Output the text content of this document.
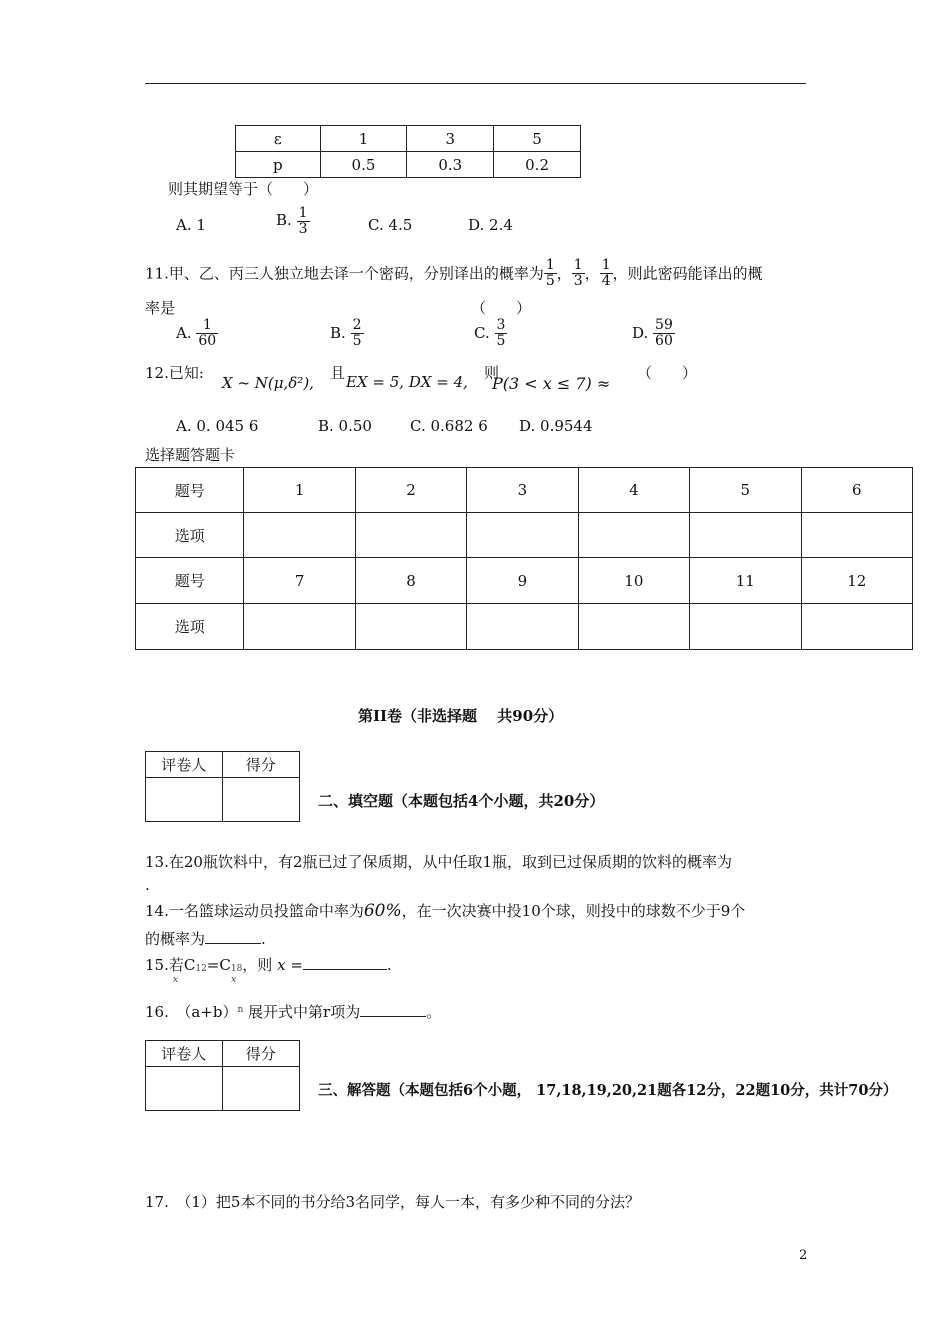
ε	1	3	5
p	0.5	0.3	0.2
则其期望等于（　　）
A. 1	B. $\frac{1}{3}$	C. 4.5	D. 2.4
11.甲、乙、丙三人独立地去译一个密码，分别译出的概率为 $\frac{1}{5}$ ， $\frac{1}{3}$ ， $\frac{1}{4}$ ，则此密码能译出的概
率是	（　　）
A. $\frac{1}{60}$	B. $\frac{2}{5}$	C. $\frac{3}{5}$	D. $\frac{59}{60}$
12.已知:
X ~ N(μ,δ²),
且 EX = 5, DX = 4, 则
P(3 < x ≤ 7) ≈
（　　）
A. 0. 045 6	B. 0.50	C. 0.682 6 D. 0.9544
选择题答题卡
题号	1	2	3	4	5	6
选项						
题号	7	8	9	10	11	12
选项						
第II卷（非选择题　 共90分）
评卷人	得分

二、填空题（本题包括4个小题，共20分）
13.在20瓶饮料中，有2瓶已过了保质期，从中任取1瓶，取到已过保质期的饮料的概率为
.
14.一名篮球运动员投篮命中率为60%，在一次决赛中投10个球，则投中的球数不少于9个
的概率为	.
15.若C12=C18，则 x =	.
x	x
16.　$(a+b)^n$ 展开式中第r项为	。
评卷人	得分

三、解答题（本题包括6个小题， 17,18,19,20,21题各12分，22题10分，共计70分）
17.　（1）把5本不同的书分给3名同学，每人一本，有多少种不同的分法？
2
